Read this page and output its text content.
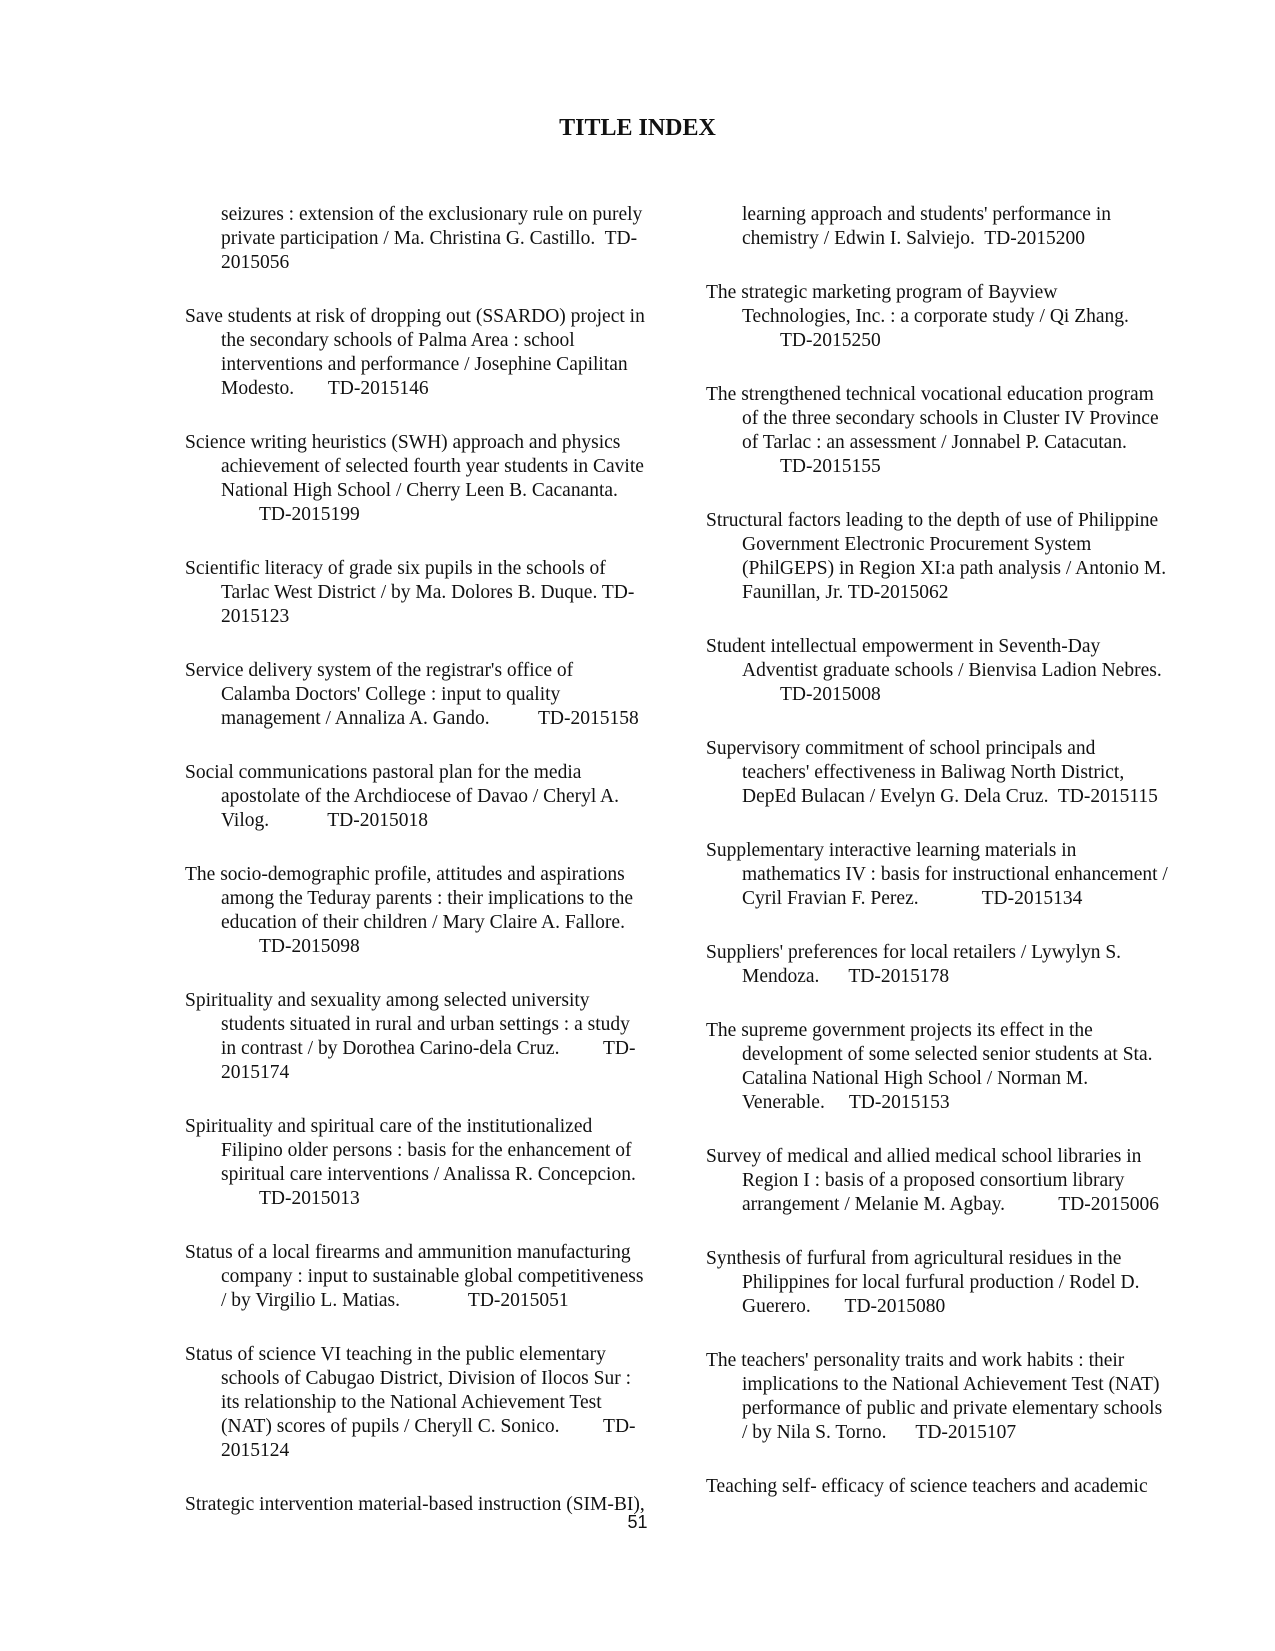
TITLE INDEX
seizures : extension of the exclusionary rule on purely
private participation / Ma. Christina G. Castillo.  TD-
2015056
Save students at risk of dropping out (SSARDO) project in
the secondary schools of Palma Area : school
interventions and performance / Josephine Capilitan
Modesto.       TD-2015146
Science writing heuristics (SWH) approach and physics
achievement of selected fourth year students in Cavite
National High School / Cherry Leen B. Cacananta.
TD-2015199
Scientific literacy of grade six pupils in the schools of
Tarlac West District / by Ma. Dolores B. Duque. TD-
2015123
Service delivery system of the registrar's office of
Calamba Doctors' College : input to quality
management / Annaliza A. Gando.          TD-2015158
Social communications pastoral plan for the media
apostolate of the Archdiocese of Davao / Cheryl A.
Vilog.            TD-2015018
The socio-demographic profile, attitudes and aspirations
among the Teduray parents : their implications to the
education of their children / Mary Claire A. Fallore.
TD-2015098
Spirituality and sexuality among selected university
students situated in rural and urban settings : a study
in contrast / by Dorothea Carino-dela Cruz.         TD-
2015174
Spirituality and spiritual care of the institutionalized
Filipino older persons : basis for the enhancement of
spiritual care interventions / Analissa R. Concepcion.
TD-2015013
Status of a local firearms and ammunition manufacturing
company : input to sustainable global competitiveness
/ by Virgilio L. Matias.              TD-2015051
Status of science VI teaching in the public elementary
schools of Cabugao District, Division of Ilocos Sur :
its relationship to the National Achievement Test
(NAT) scores of pupils / Cheryll C. Sonico.         TD-
2015124
Strategic intervention material-based instruction (SIM-BI),
learning approach and students' performance in
chemistry / Edwin I. Salviejo.  TD-2015200
The strategic marketing program of Bayview
Technologies, Inc. : a corporate study / Qi Zhang.
TD-2015250
The strengthened technical vocational education program
of the three secondary schools in Cluster IV Province
of Tarlac : an assessment / Jonnabel P. Catacutan.
TD-2015155
Structural factors leading to the depth of use of Philippine
Government Electronic Procurement System
(PhilGEPS) in Region XI:a path analysis / Antonio M.
Faunillan, Jr. TD-2015062
Student intellectual empowerment in Seventh-Day
Adventist graduate schools / Bienvisa Ladion Nebres.
TD-2015008
Supervisory commitment of school principals and
teachers' effectiveness in Baliwag North District,
DepEd Bulacan / Evelyn G. Dela Cruz.  TD-2015115
Supplementary interactive learning materials in
mathematics IV : basis for instructional enhancement /
Cyril Fravian F. Perez.             TD-2015134
Suppliers' preferences for local retailers / Lywylyn S.
Mendoza.      TD-2015178
The supreme government projects its effect in the
development of some selected senior students at Sta.
Catalina National High School / Norman M.
Venerable.     TD-2015153
Survey of medical and allied medical school libraries in
Region I : basis of a proposed consortium library
arrangement / Melanie M. Agbay.           TD-2015006
Synthesis of furfural from agricultural residues in the
Philippines for local furfural production / Rodel D.
Guerero.       TD-2015080
The teachers' personality traits and work habits : their
implications to the National Achievement Test (NAT)
performance of public and private elementary schools
/ by Nila S. Torno.      TD-2015107
Teaching self- efficacy of science teachers and academic
51
